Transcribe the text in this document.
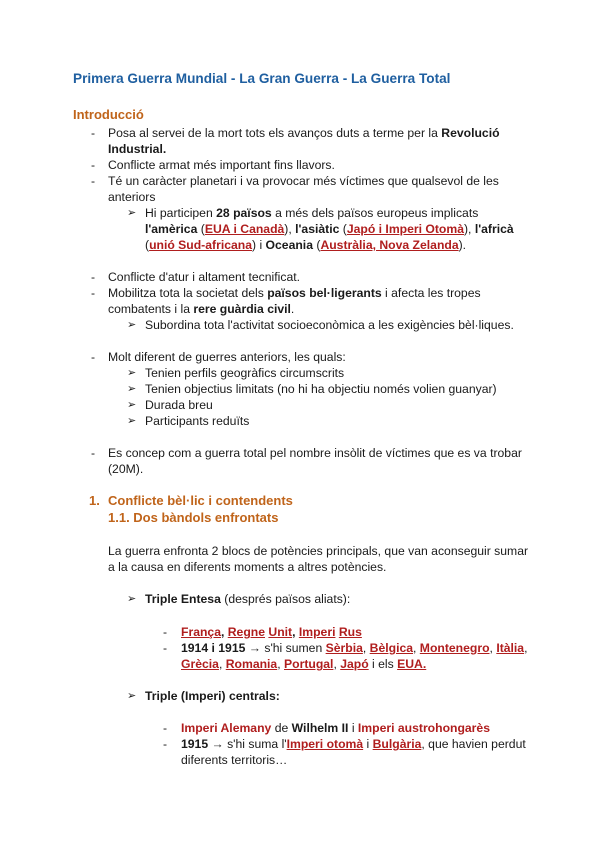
Primera Guerra Mundial - La Gran Guerra - La Guerra Total
Introducció
- Posa al servei de la mort tots els avanços duts a terme per la Revolució
Industrial.
- Conflicte armat més important fins llavors.
- Té un caràcter planetari i va provocar més víctimes que qualsevol de les
anteriors
➢ Hi participen 28 països a més dels països europeus implicats
l'amèrica (EUA i Canadà), l'asiàtic (Japó i Imperi Otomà), l'africà
(unió Sud-africana) i Oceania (Austràlia, Nova Zelanda).
- Conflicte d'atur i altament tecnificat.
- Mobilitza tota la societat dels països bel·ligerants i afecta les tropes
combatents i la rere guàrdia civil.
➢ Subordina tota l'activitat socioeconòmica a les exigències bèl·liques.
- Molt diferent de guerres anteriors, les quals:
➢ Tenien perfils geogràfics circumscrits
➢ Tenien objectius limitats (no hi ha objectiu només volien guanyar)
➢ Durada breu
➢ Participants reduïts
- Es concep com a guerra total pel nombre insòlit de víctimes que es va trobar
(20M).
1. Conflicte bèl·lic i contendents
1.1. Dos bàndols enfrontats
La guerra enfronta 2 blocs de potències principals, que van aconseguir sumar
a la causa en diferents moments a altres potències.
➢ Triple Entesa (després països aliats):
- França, Regne Unit, Imperi Rus
- 1914 i 1915 → s'hi sumen Sèrbia, Bèlgica, Montenegro, Itàlia,
Grècia, Romania, Portugal, Japó i els EUA.
➢ Triple (Imperi) centrals:
- Imperi Alemany de Wilhelm II i Imperi austrohongarès
- 1915 → s'hi suma l'Imperi otomà i Bulgària, que havien perdut
diferents territoris…
